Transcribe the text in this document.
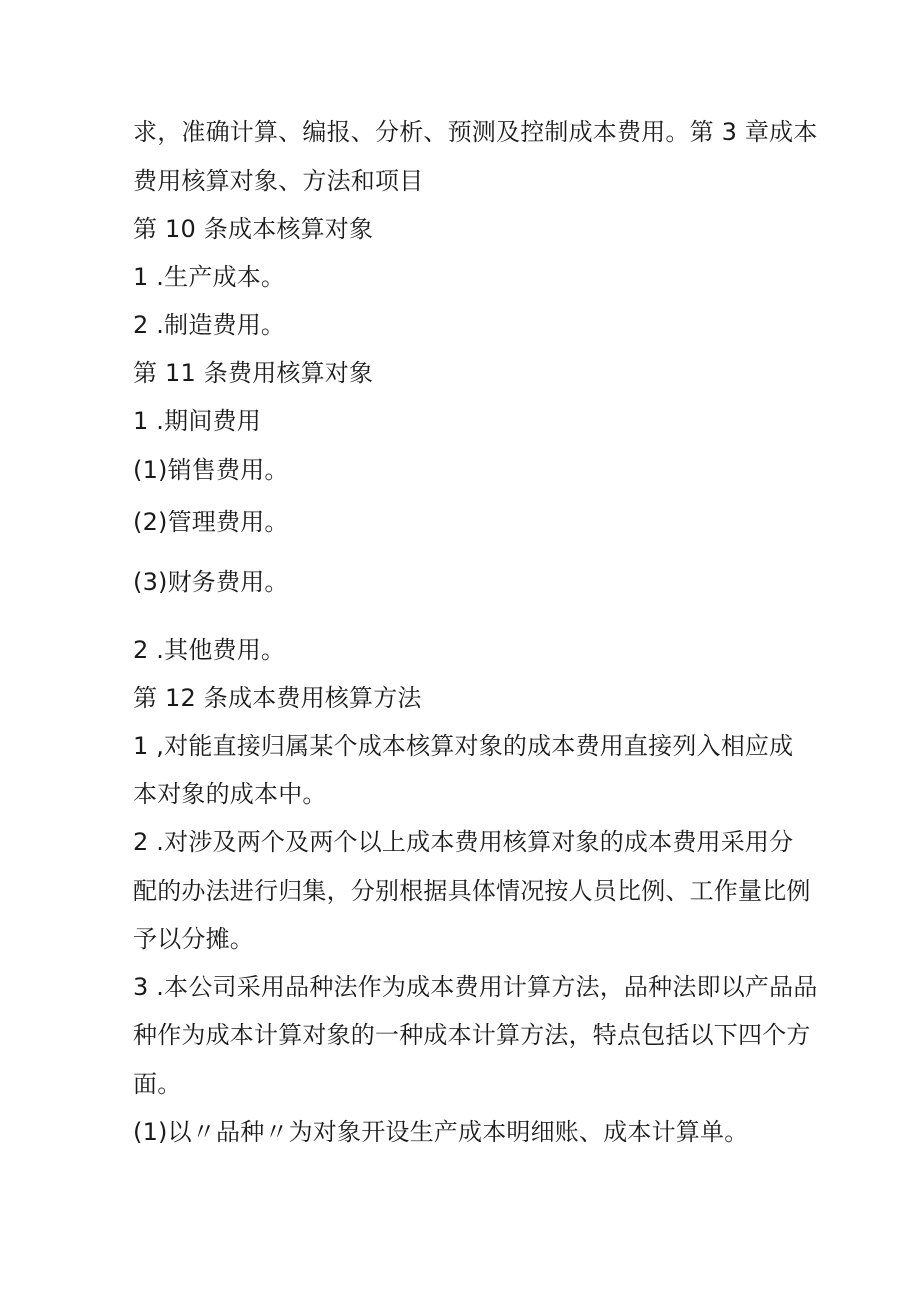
求，准确计算、编报、分析、预测及控制成本费用。第 3 章成本

费用核算对象、方法和项目

第 10 条成本核算对象

1 .生产成本。

2 .制造费用。

第 11 条费用核算对象

1 .期间费用

(1)销售费用。

(2)管理费用。

(3)财务费用。

2 .其他费用。

第 12 条成本费用核算方法

1 ,对能直接归属某个成本核算对象的成本费用直接列入相应成

本对象的成本中。

2 .对涉及两个及两个以上成本费用核算对象的成本费用采用分

配的办法进行归集，分别根据具体情况按人员比例、工作量比例

予以分摊。

3 .本公司采用品种法作为成本费用计算方法，品种法即以产品品

种作为成本计算对象的一种成本计算方法，特点包括以下四个方

面。

(1)以〃品种〃为对象开设生产成本明细账、成本计算单。
